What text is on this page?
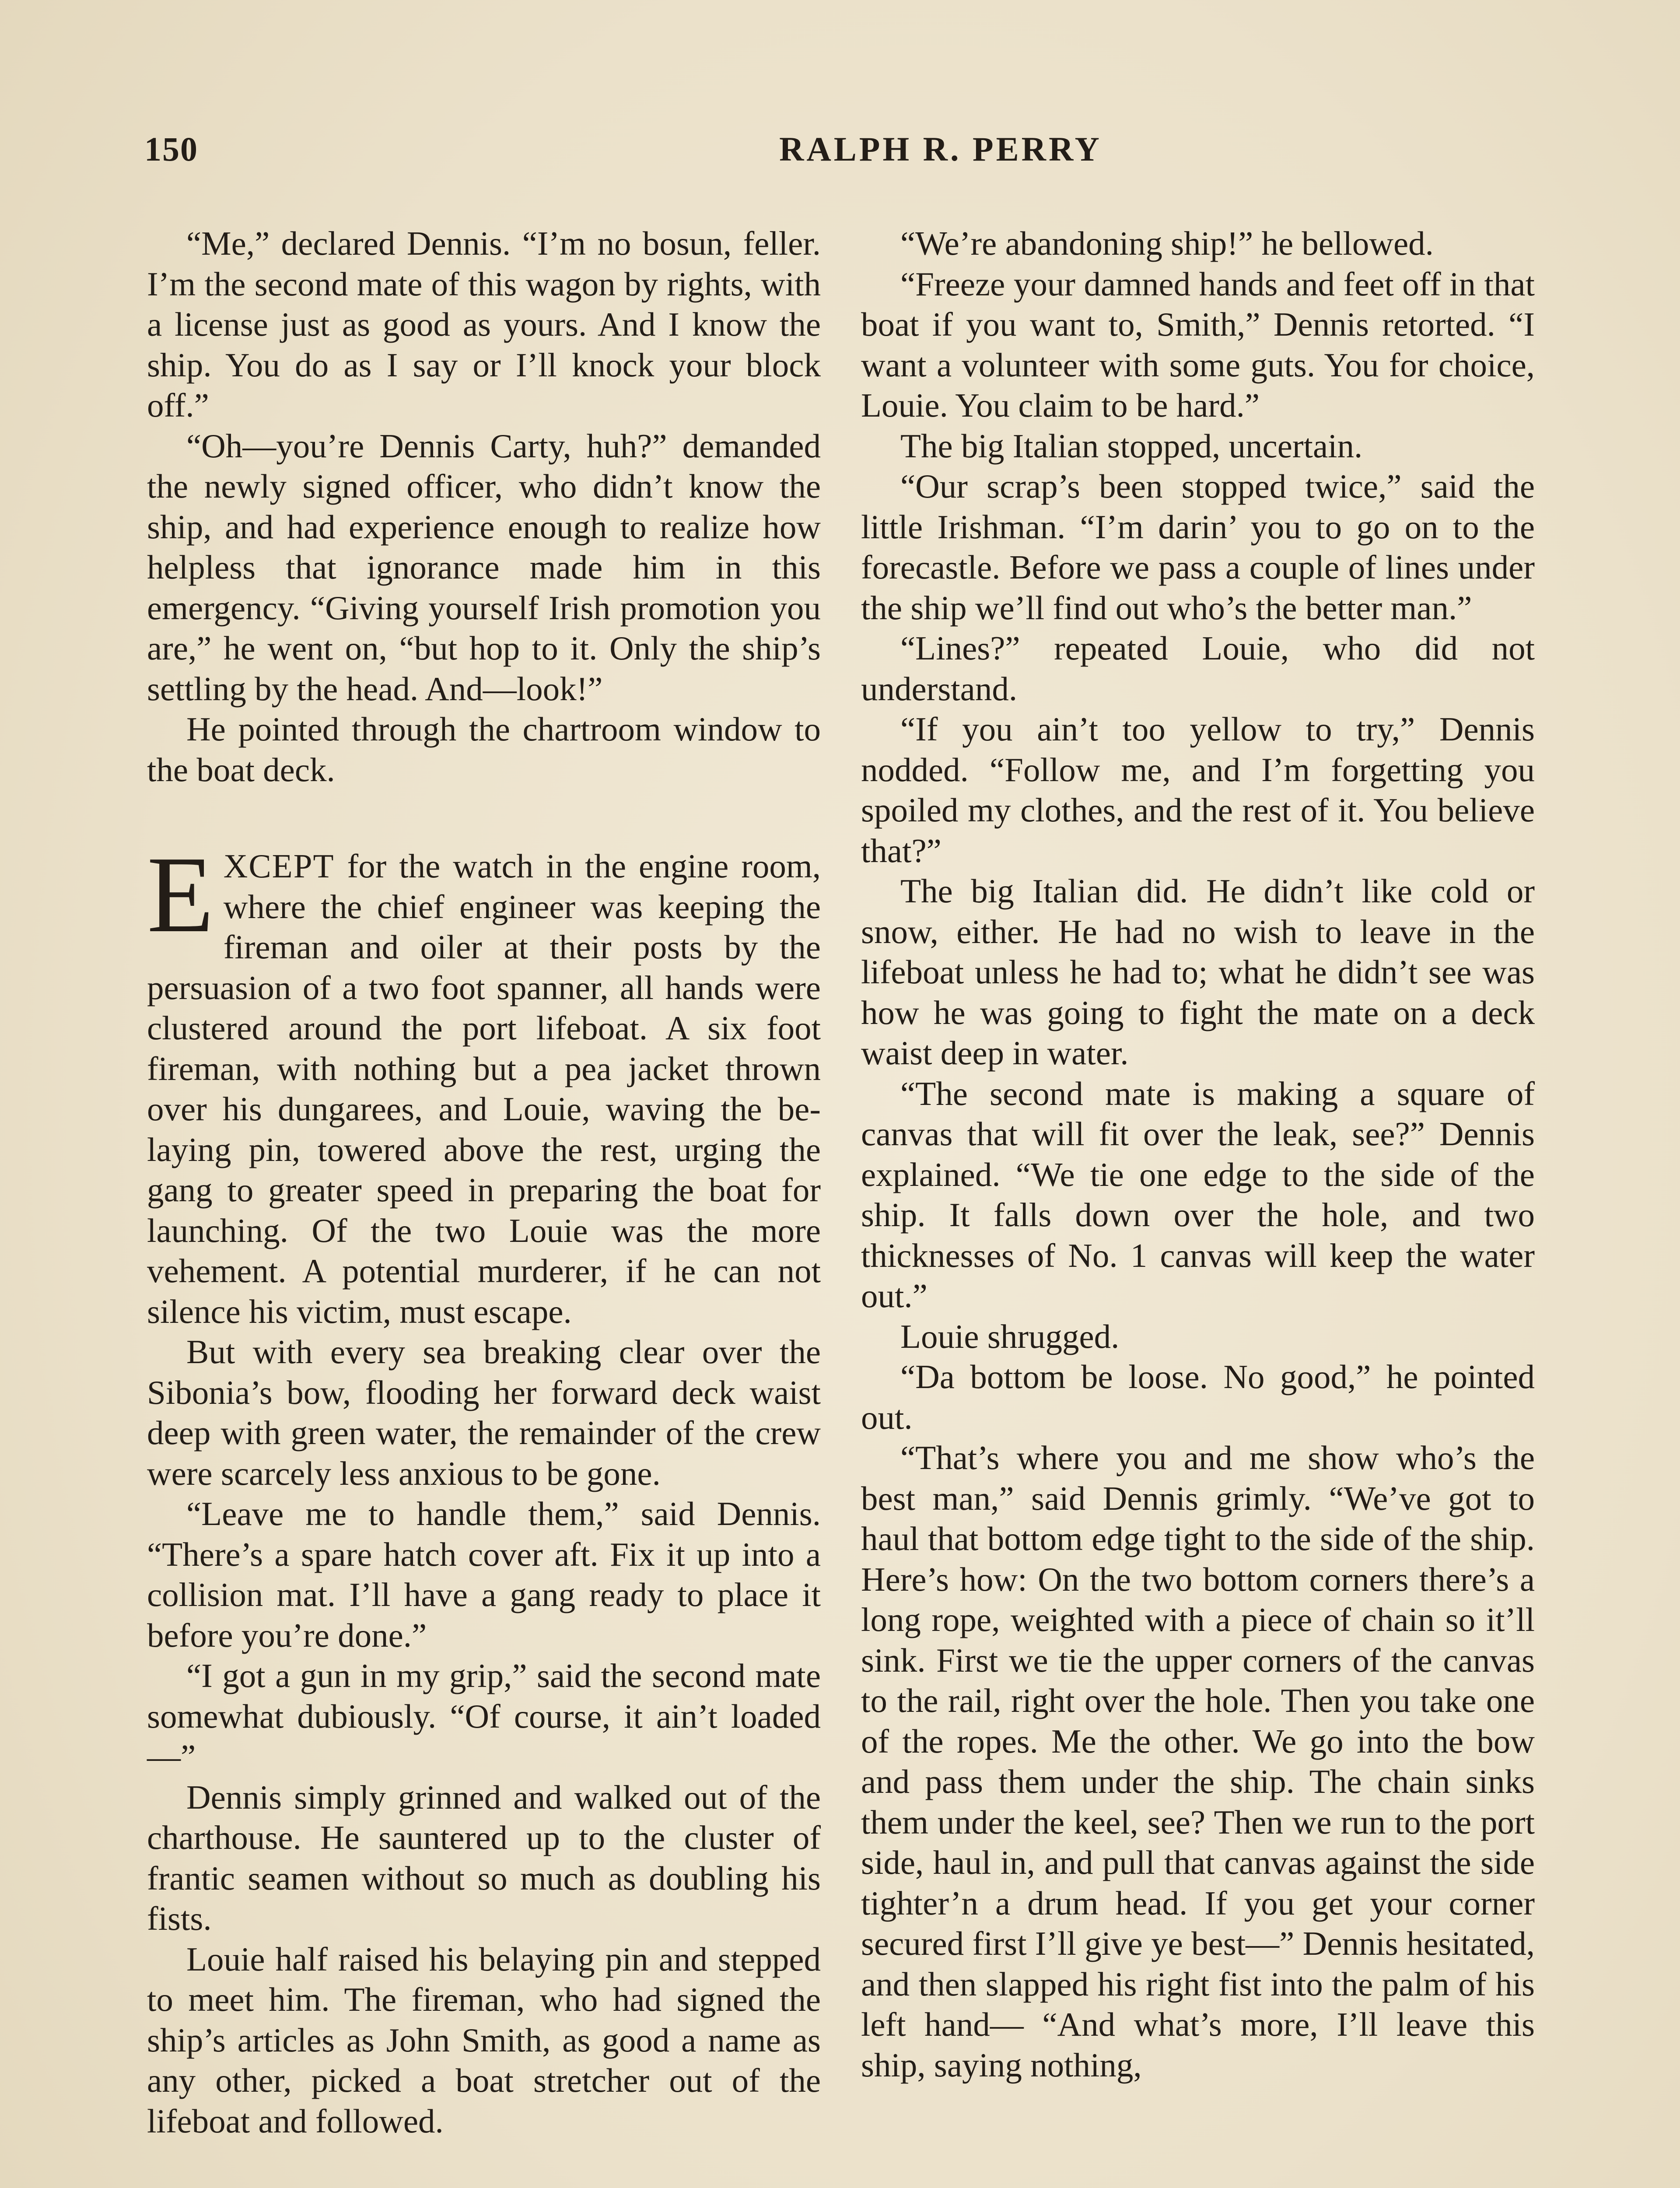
150	RALPH R. PERRY

“Me,” declared Dennis. “I’m no bosun, feller. I’m the second mate of this wagon by rights, with a license just as good as yours. And I know the ship. You do as I say or I’ll knock your block off.”

“Oh—you’re Dennis Carty, huh?” demanded the newly signed officer, who didn’t know the ship, and had experience enough to realize how helpless that ignorance made him in this emergency. “Giving yourself Irish promotion you are,” he went on, “but hop to it. Only the ship’s settling by the head. And—look!”

He pointed through the chartroom window to the boat deck.

EXCEPT for the watch in the engine room, where the chief engineer was keeping the fireman and oiler at their posts by the persuasion of a two foot spanner, all hands were clustered around the port lifeboat. A six foot fireman, with nothing but a pea jacket thrown over his dungarees, and Louie, waving the belaying pin, towered above the rest, urging the gang to greater speed in preparing the boat for launching. Of the two Louie was the more vehement. A potential murderer, if he can not silence his victim, must escape.

But with every sea breaking clear over the Sibonia’s bow, flooding her forward deck waist deep with green water, the remainder of the crew were scarcely less anxious to be gone.

“Leave me to handle them,” said Dennis. “There’s a spare hatch cover aft. Fix it up into a collision mat. I’ll have a gang ready to place it before you’re done.”

“I got a gun in my grip,” said the second mate somewhat dubiously. “Of course, it ain’t loaded—”

Dennis simply grinned and walked out of the charthouse. He sauntered up to the cluster of frantic seamen without so much as doubling his fists.

Louie half raised his belaying pin and stepped to meet him. The fireman, who had signed the ship’s articles as John Smith, as good a name as any other, picked a boat stretcher out of the lifeboat and followed.

“We’re abandoning ship!” he bellowed.

“Freeze your damned hands and feet off in that boat if you want to, Smith,” Dennis retorted. “I want a volunteer with some guts. You for choice, Louie. You claim to be hard.”

The big Italian stopped, uncertain.

“Our scrap’s been stopped twice,” said the little Irishman. “I’m darin’ you to go on to the forecastle. Before we pass a couple of lines under the ship we’ll find out who’s the better man.”

“Lines?” repeated Louie, who did not understand.

“If you ain’t too yellow to try,” Dennis nodded. “Follow me, and I’m forgetting you spoiled my clothes, and the rest of it. You believe that?”

The big Italian did. He didn’t like cold or snow, either. He had no wish to leave in the lifeboat unless he had to; what he didn’t see was how he was going to fight the mate on a deck waist deep in water.

“The second mate is making a square of canvas that will fit over the leak, see?” Dennis explained. “We tie one edge to the side of the ship. It falls down over the hole, and two thicknesses of No. 1 canvas will keep the water out.”

Louie shrugged.

“Da bottom be loose. No good,” he pointed out.

“That’s where you and me show who’s the best man,” said Dennis grimly. “We’ve got to haul that bottom edge tight to the side of the ship. Here’s how: On the two bottom corners there’s a long rope, weighted with a piece of chain so it’ll sink. First we tie the upper corners of the canvas to the rail, right over the hole. Then you take one of the ropes. Me the other. We go into the bow and pass them under the ship. The chain sinks them under the keel, see? Then we run to the port side, haul in, and pull that canvas against the side tighter’n a drum head. If you get your corner secured first I’ll give ye best—” Dennis hesitated, and then slapped his right fist into the palm of his left hand— “And what’s more, I’ll leave this ship, saying nothing,
